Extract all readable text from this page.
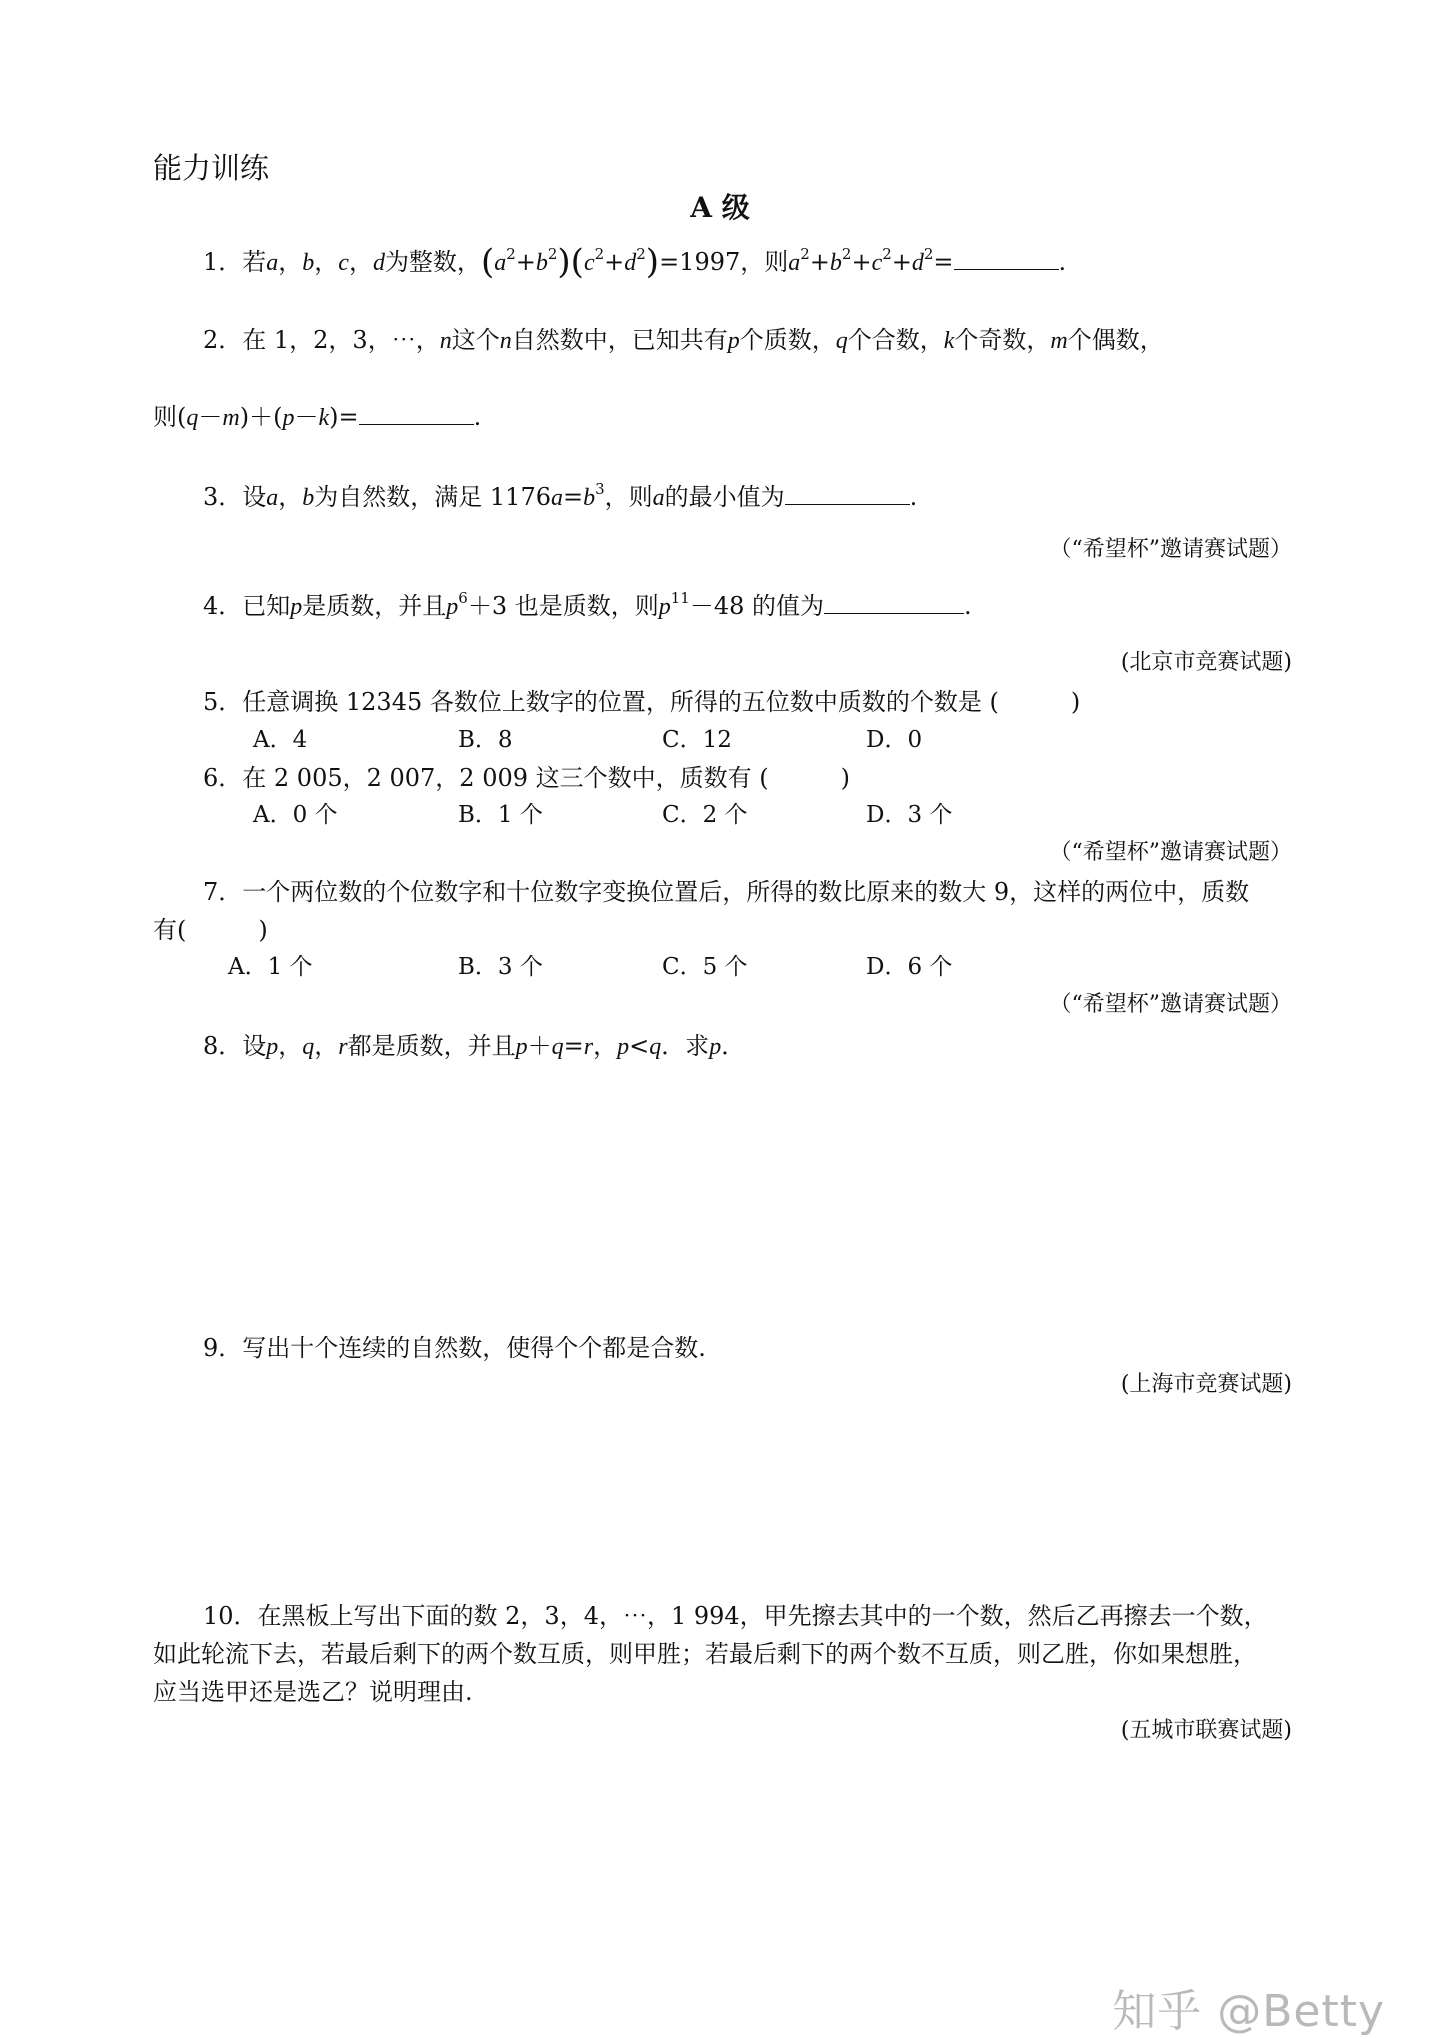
能力训练
A 级
1．若a，b，c，d为整数，$(a^2+b^2)(c^2+d^2)=1997$，则$a^2+b^2+c^2+d^2=$	.
2．在 1，2，3，⋯，n这个n自然数中，已知共有p个质数，q个合数，k个奇数，m个偶数，
则(q－m)＋(p－k)=	.
3．设a，b为自然数，满足 $1176a=b^3$，则a的最小值为	.
（“希望杯”邀请赛试题）
4．已知p是质数，并且$p^6+3$ 也是质数，则$p^{11}-48$ 的值为	.
(北京市竞赛试题)
5．任意调换 12345 各数位上数字的位置，所得的五位数中质数的个数是 (　　　)
A．4	B．8	C．12	D．0
6．在 2 005，2 007，2 009 这三个数中，质数有 (　　　)
A．0 个	B．1 个	C．2 个	D．3 个
（“希望杯”邀请赛试题）
7．一个两位数的个位数字和十位数字变换位置后，所得的数比原来的数大 9，这样的两位中，质数
有(　　　)
A．1 个	B．3 个	C．5 个	D．6 个
（“希望杯”邀请赛试题）
8．设p，q，r都是质数，并且p＋q=r，p<q．求p．
9．写出十个连续的自然数，使得个个都是合数.
(上海市竞赛试题)
10．在黑板上写出下面的数 2，3，4，⋯，1 994，甲先擦去其中的一个数，然后乙再擦去一个数，
如此轮流下去，若最后剩下的两个数互质，则甲胜；若最后剩下的两个数不互质，则乙胜，你如果想胜，
应当选甲还是选乙？说明理由.
(五城市联赛试题)
知乎 @Betty
